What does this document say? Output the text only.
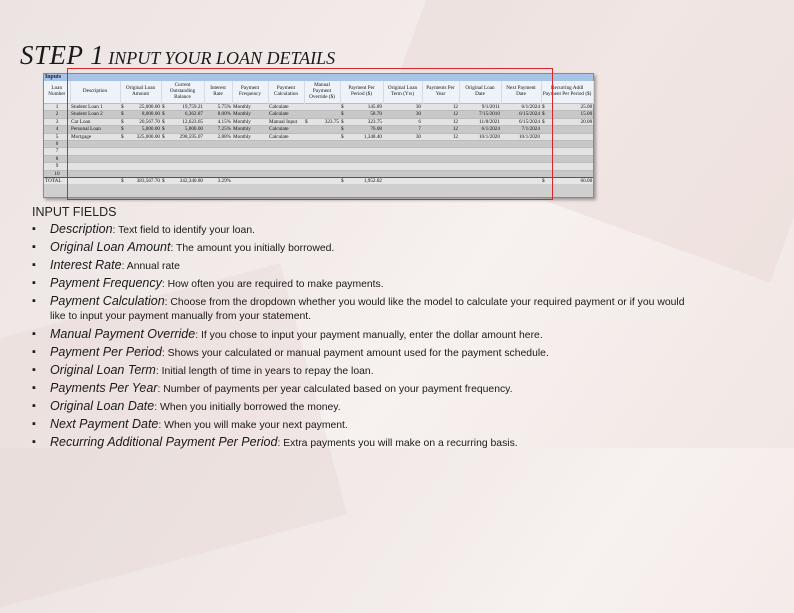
STEP 1 INPUT YOUR LOAN DETAILS
Inputs													
Loan Number	Description	Original Loan Amount	Current Outstanding Balance	Interest Rate	Payment Frequency	Payment Calculation	Manual Payment Override ($)	Payment Per Period ($)	Original Loan Term (Yrs)	Payments Per Year	Original Loan Date	Next Payment Date	Recurring Addl Payment Per Period ($)
1	Student Loan 1	$ 25,000.00	$ 19,759.21	5.75%	Monthly	Calculate		$ 145.89	30	12	9/1/2011	6/1/2024	$ 25.00

2	Student Loan 2	$ 8,000.00	$ 6,362.87	8.00%	Monthly	Calculate		$ 58.70	30	12	7/15/2010	6/15/2024	$ 15.00

3	Car Loan	$ 20,567.70	$ 12,623.65	4.15%	Monthly	Manual Input	$ 323.75	$ 323.75	6	12	11/8/2021	6/15/2024	$ 20.00

4	Personal Loan	$ 5,000.00	$ 5,000.00	7.25%	Monthly	Calculate		$ 76.08	7	12	6/1/2024	7/1/2024	
5	Mortgage	$ 325,000.00	$ 298,595.07	2.88%	Monthly	Calculate		$ 1,348.40	30	12	10/1/2020	10/1/2020	
6													
7													
8													
9													
10													
TOTAL		$ 383,567.70	$ 342,340.80	3.29%				$ 1,952.82					$ 60.00
INPUT FIELDS
▪ Description: Text field to identify your loan.
▪ Original Loan Amount: The amount you initially borrowed.
▪ Interest Rate: Annual rate
▪ Payment Frequency: How often you are required to make payments.
▪ Payment Calculation: Choose from the dropdown whether you would like the model to calculate your required payment or if you would like to input your payment manually from your statement.
▪ Manual Payment Override: If you chose to input your payment manually, enter the dollar amount here.
▪ Payment Per Period: Shows your calculated or manual payment amount used for the payment schedule.
▪ Original Loan Term: Initial length of time in years to repay the loan.
▪ Payments Per Year: Number of payments per year calculated based on your payment frequency.
▪ Original Loan Date: When you initially borrowed the money.
▪ Next Payment Date: When you will make your next payment.
▪ Recurring Additional Payment Per Period: Extra payments you will make on a recurring basis.
